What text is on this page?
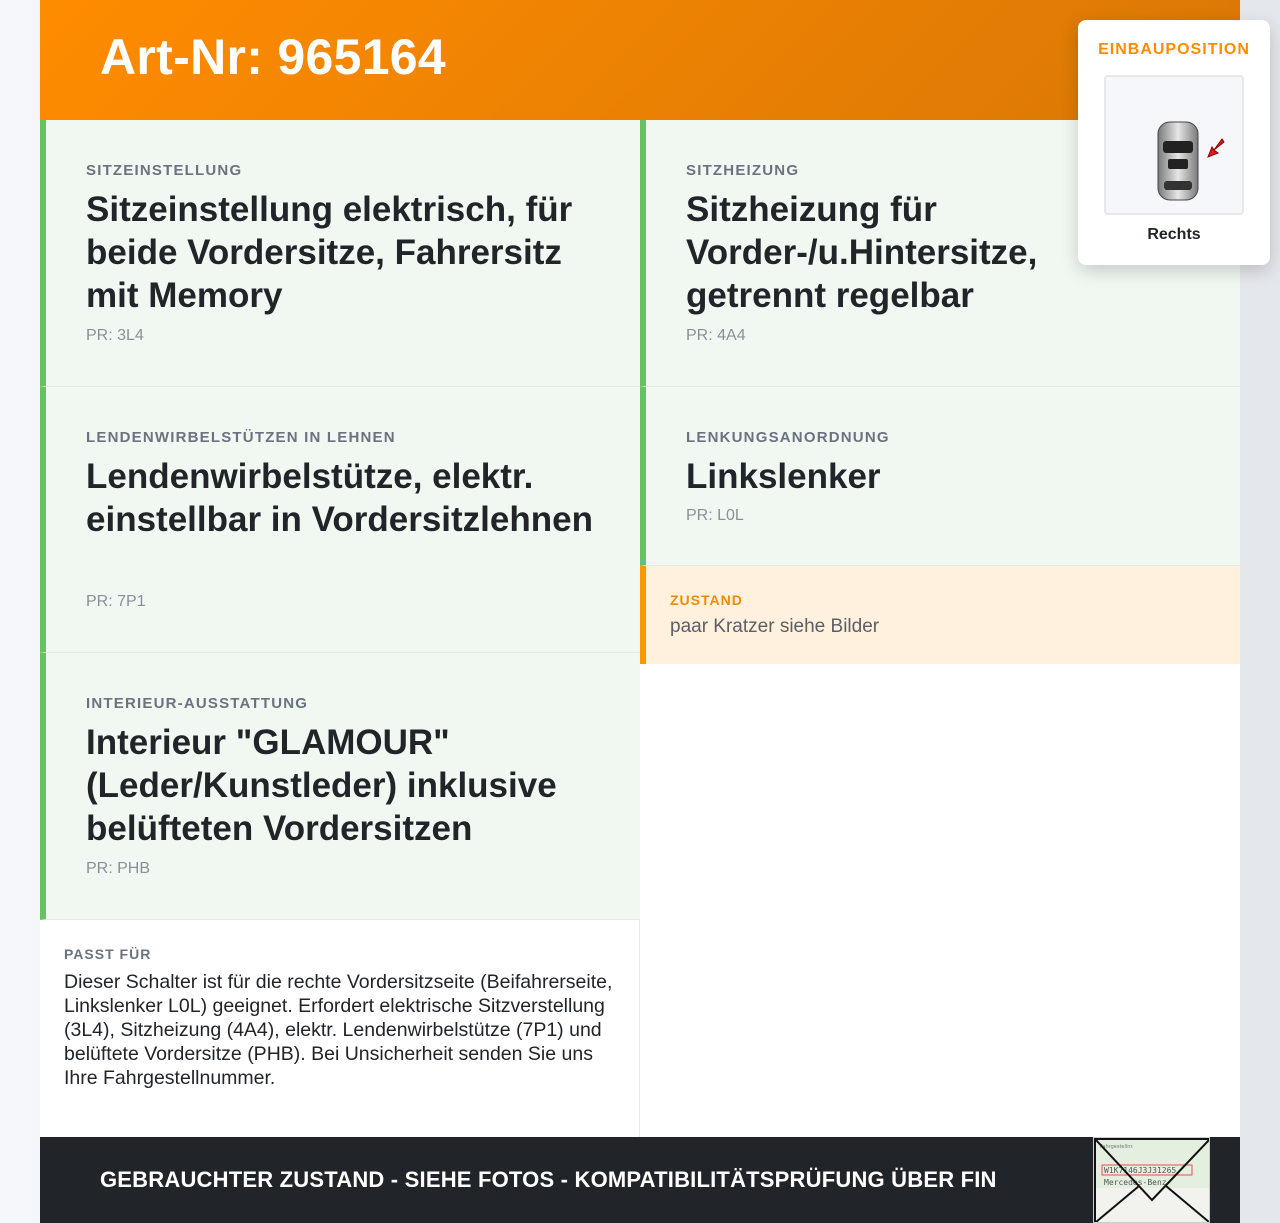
Art-Nr: 965164
SITZEINSTELLUNG
Sitzeinstellung elektrisch, für beide Vordersitze, Fahrersitz mit Memory
PR: 3L4
SITZHEIZUNG
Sitzheizung für Vorder-/u.Hintersitze, getrennt regelbar
PR: 4A4
LENDENWIRBELSTÜTZEN IN LEHNEN
Lendenwirbelstütze, elektr. einstellbar in Vordersitzlehnen
PR: 7P1
LENKUNGSANORDNUNG
Linkslenker
PR: L0L
ZUSTAND
paar Kratzer siehe Bilder
INTERIEUR-AUSSTATTUNG
Interieur "GLAMOUR" (Leder/Kunstleder) inklusive belüfteten Vordersitzen
PR: PHB
PASST FÜR
Dieser Schalter ist für die rechte Vordersitzseite (Beifahrerseite, Linkslenker L0L) geeignet. Erfordert elektrische Sitzverstellung (3L4), Sitzheizung (4A4), elektr. Lendenwirbelstütze (7P1) und belüftete Vordersitze (PHB). Bei Unsicherheit senden Sie uns Ihre Fahrgestellnummer.
GEBRAUCHTER ZUSTAND - SIEHE FOTOS - KOMPATIBILITÄTSPRÜFUNG ÜBER FIN
Fahrgestellnr.
W1K7146J3J31265
Mercedes-Benz
EINBAUPOSITION
Rechts
